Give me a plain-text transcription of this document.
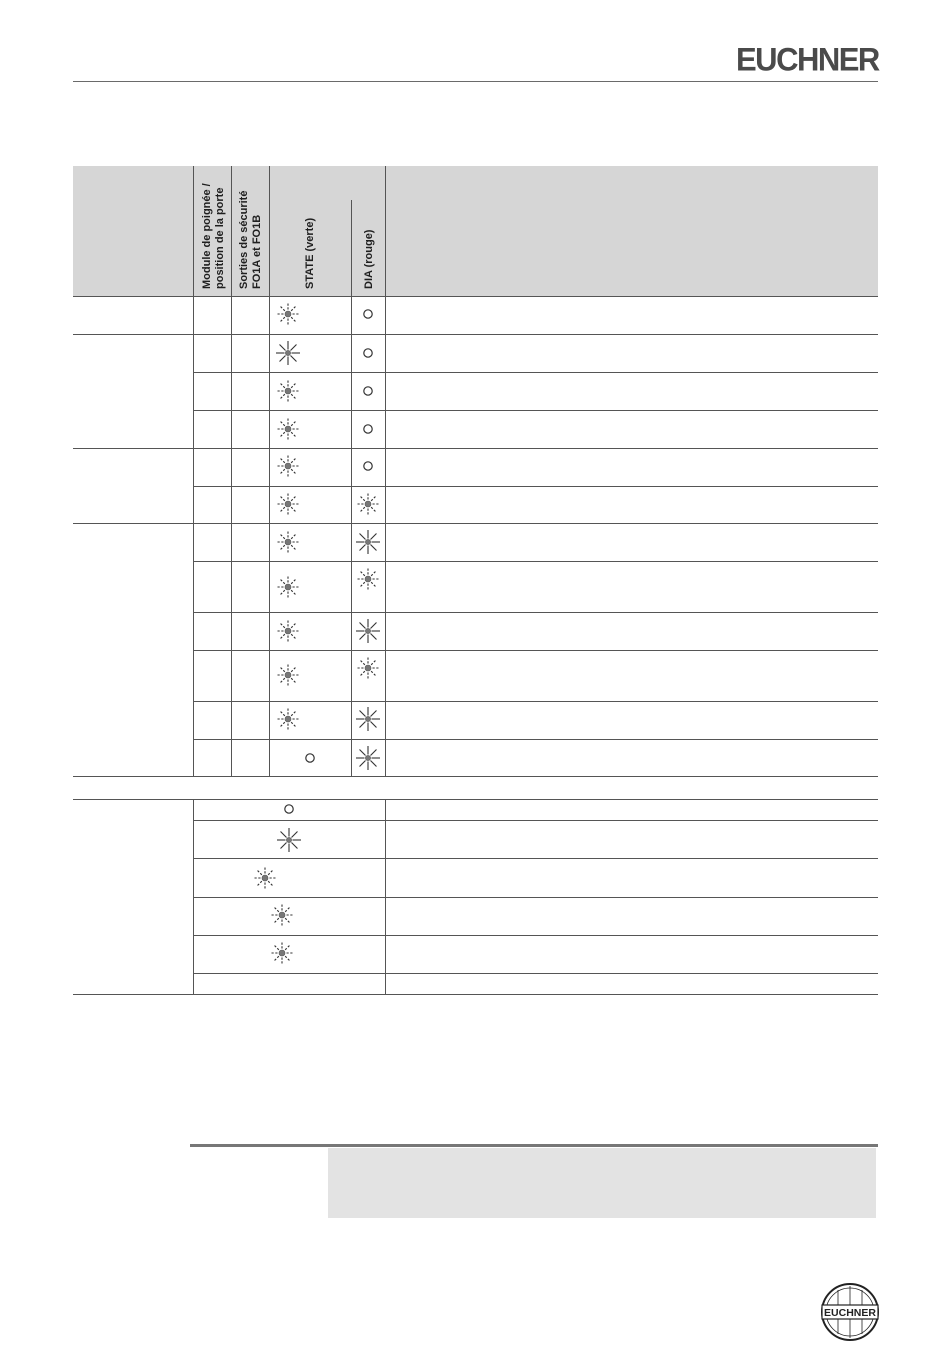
EUCHNER
Module de poignée / position de la porte Sorties de sécurité FO1A et FO1B	STATE (verte)	DIA (rouge)
EUCHNER
